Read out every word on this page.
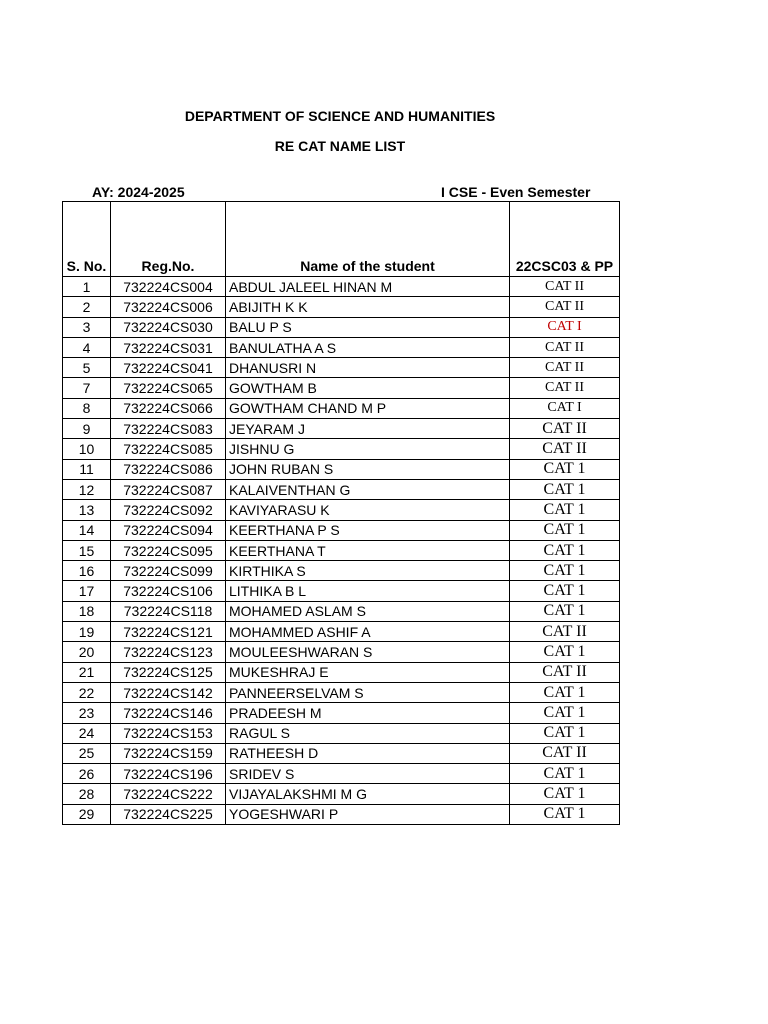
DEPARTMENT OF SCIENCE AND HUMANITIES
RE CAT NAME LIST
AY: 2024-2025	I CSE - Even Semester
S. No.	Reg.No.	Name of the student	22CSC03 & PP
1	732224CS004	ABDUL JALEEL HINAN M	CAT II
2	732224CS006	ABIJITH K K	CAT II
3	732224CS030	BALU P S	CAT I
4	732224CS031	BANULATHA A S	CAT II
5	732224CS041	DHANUSRI N	CAT II
7	732224CS065	GOWTHAM B	CAT II
8	732224CS066	GOWTHAM CHAND M P	CAT I
9	732224CS083	JEYARAM J	CAT II
10	732224CS085	JISHNU G	CAT II
11	732224CS086	JOHN RUBAN S	CAT 1
12	732224CS087	KALAIVENTHAN G	CAT 1
13	732224CS092	KAVIYARASU K	CAT 1
14	732224CS094	KEERTHANA P S	CAT 1
15	732224CS095	KEERTHANA T	CAT 1
16	732224CS099	KIRTHIKA S	CAT 1
17	732224CS106	LITHIKA B L	CAT 1
18	732224CS118	MOHAMED ASLAM S	CAT 1
19	732224CS121	MOHAMMED ASHIF A	CAT II
20	732224CS123	MOULEESHWARAN S	CAT 1
21	732224CS125	MUKESHRAJ E	CAT II
22	732224CS142	PANNEERSELVAM S	CAT 1
23	732224CS146	PRADEESH M	CAT 1
24	732224CS153	RAGUL S	CAT 1
25	732224CS159	RATHEESH D	CAT II
26	732224CS196	SRIDEV S	CAT 1
28	732224CS222	VIJAYALAKSHMI M G	CAT 1
29	732224CS225	YOGESHWARI P	CAT 1
